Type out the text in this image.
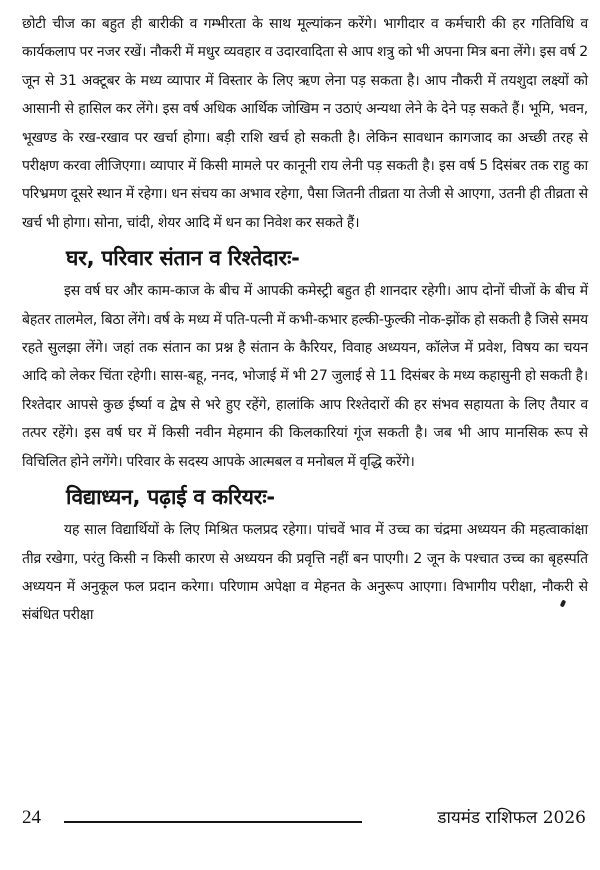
छोटी चीज का बहुत ही बारीकी व गम्भीरता के साथ मूल्यांकन करेंगे। भागीदार व कर्मचारी की हर गतिविधि व कार्यकलाप पर नजर रखें। नौकरी में मधुर व्यवहार व उदारवादिता से आप शत्रु को भी अपना मित्र बना लेंगे। इस वर्ष 2 जून से 31 अक्टूबर के मध्य व्यापार में विस्तार के लिए ऋण लेना पड़ सकता है। आप नौकरी में तयशुदा लक्ष्यों को आसानी से हासिल कर लेंगे। इस वर्ष अधिक आर्थिक जोखिम न उठाएं अन्यथा लेने के देने पड़ सकते हैं। भूमि, भवन, भूखण्ड के रख-रखाव पर खर्चा होगा। बड़ी राशि खर्च हो सकती है। लेकिन सावधान कागजाद का अच्छी तरह से परीक्षण करवा लीजिएगा। व्यापार में किसी मामले पर कानूनी राय लेनी पड़ सकती है। इस वर्ष 5 दिसंबर तक राहु का परिभ्रमण दूसरे स्थान में रहेगा। धन संचय का अभाव रहेगा, पैसा जितनी तीव्रता या तेजी से आएगा, उतनी ही तीव्रता से खर्च भी होगा। सोना, चांदी, शेयर आदि में धन का निवेश कर सकते हैं।

घर, परिवार संतान व रिश्तेदारः-

इस वर्ष घर और काम-काज के बीच में आपकी कमेस्ट्री बहुत ही शानदार रहेगी। आप दोनों चीजों के बीच में बेहतर तालमेल, बिठा लेंगे। वर्ष के मध्य में पति-पत्नी में कभी-कभार हल्की-फुल्की नोक-झोंक हो सकती है जिसे समय रहते सुलझा लेंगे। जहां तक संतान का प्रश्न है संतान के कैरियर, विवाह अध्ययन, कॉलेज में प्रवेश, विषय का चयन आदि को लेकर चिंता रहेगी। सास-बहू, ननद, भोजाई में भी 27 जुलाई से 11 दिसंबर के मध्य कहासुनी हो सकती है। रिश्तेदार आपसे कुछ ईर्ष्या व द्वेष से भरे हुए रहेंगे, हालांकि आप रिश्तेदारों की हर संभव सहायता के लिए तैयार व तत्पर रहेंगे। इस वर्ष घर में किसी नवीन मेहमान की किलकारियां गूंज सकती है। जब भी आप मानसिक रूप से विचिलित होने लगेंगे। परिवार के सदस्य आपके आत्मबल व मनोबल में वृद्धि करेंगे।

विद्याध्यन, पढ़ाई व करियरः-

यह साल विद्यार्थियों के लिए मिश्रित फलप्रद रहेगा। पांचवें भाव में उच्च का चंद्रमा अध्ययन की महत्वाकांक्षा तीव्र रखेगा, परंतु किसी न किसी कारण से अध्ययन की प्रवृत्ति नहीं बन पाएगी। 2 जून के पश्चात उच्च का बृहस्पति अध्ययन में अनुकूल फल प्रदान करेगा। परिणाम अपेक्षा व मेहनत के अनुरूप आएगा। विभागीय परीक्षा, नौकरी से संबंधित परीक्षा

24	डायमंड राशिफल 2026
